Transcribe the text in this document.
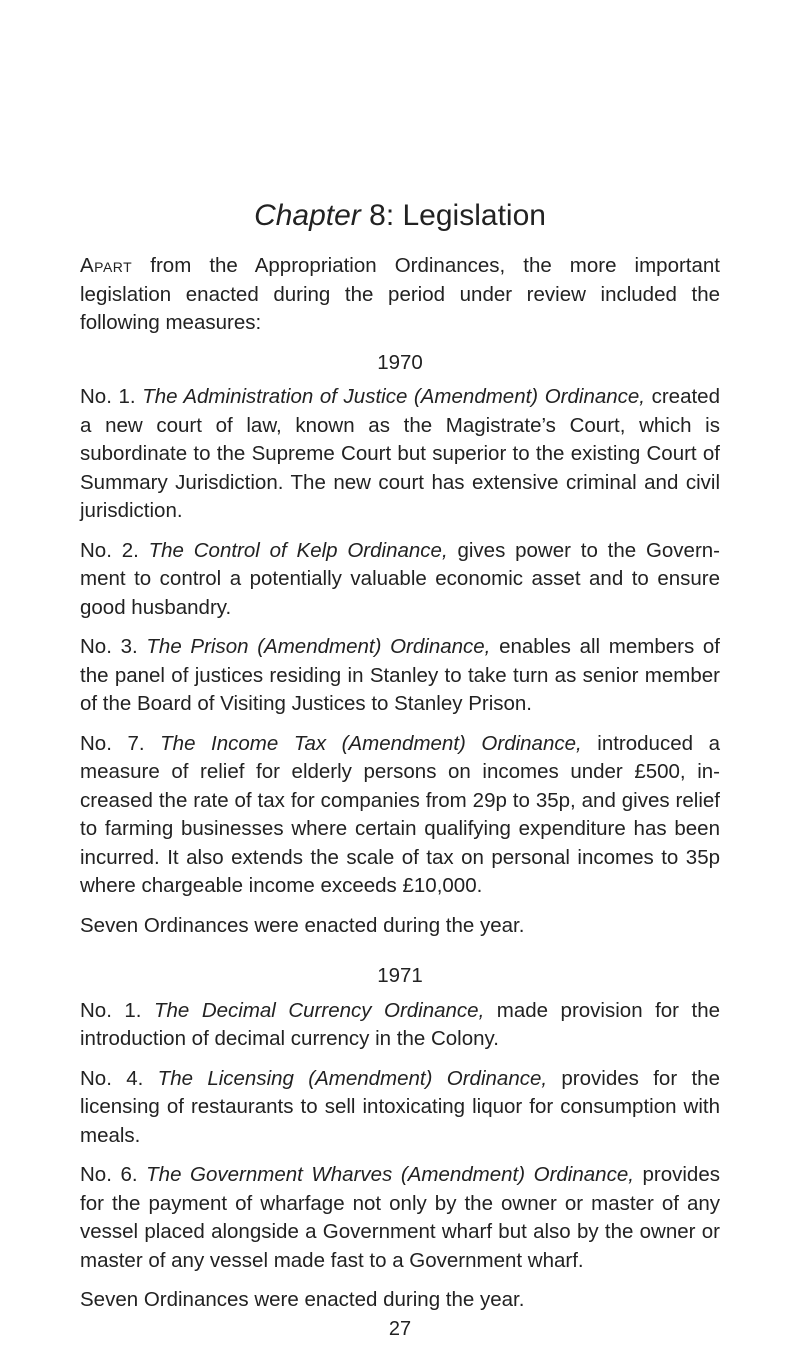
Chapter 8: Legislation

Apart from the Appropriation Ordinances, the more important legislation enacted during the period under review included the following measures:

1970

No. 1. The Administration of Justice (Amendment) Ordinance, created a new court of law, known as the Magistrate’s Court, which is subordinate to the Supreme Court but superior to the existing Court of Summary Jurisdiction. The new court has extensive criminal and civil jurisdiction.

No. 2. The Control of Kelp Ordinance, gives power to the Govern-ment to control a potentially valuable economic asset and to ensure good husbandry.

No. 3. The Prison (Amendment) Ordinance, enables all members of the panel of justices residing in Stanley to take turn as senior member of the Board of Visiting Justices to Stanley Prison.

No. 7. The Income Tax (Amendment) Ordinance, introduced a measure of relief for elderly persons on incomes under £500, in-creased the rate of tax for companies from 29p to 35p, and gives relief to farming businesses where certain qualifying expenditure has been incurred. It also extends the scale of tax on personal incomes to 35p where chargeable income exceeds £10,000.

Seven Ordinances were enacted during the year.

1971

No. 1. The Decimal Currency Ordinance, made provision for the introduction of decimal currency in the Colony.

No. 4. The Licensing (Amendment) Ordinance, provides for the licensing of restaurants to sell intoxicating liquor for consumption with meals.

No. 6. The Government Wharves (Amendment) Ordinance, provides for the payment of wharfage not only by the owner or master of any vessel placed alongside a Government wharf but also by the owner or master of any vessel made fast to a Government wharf.

Seven Ordinances were enacted during the year.

27
